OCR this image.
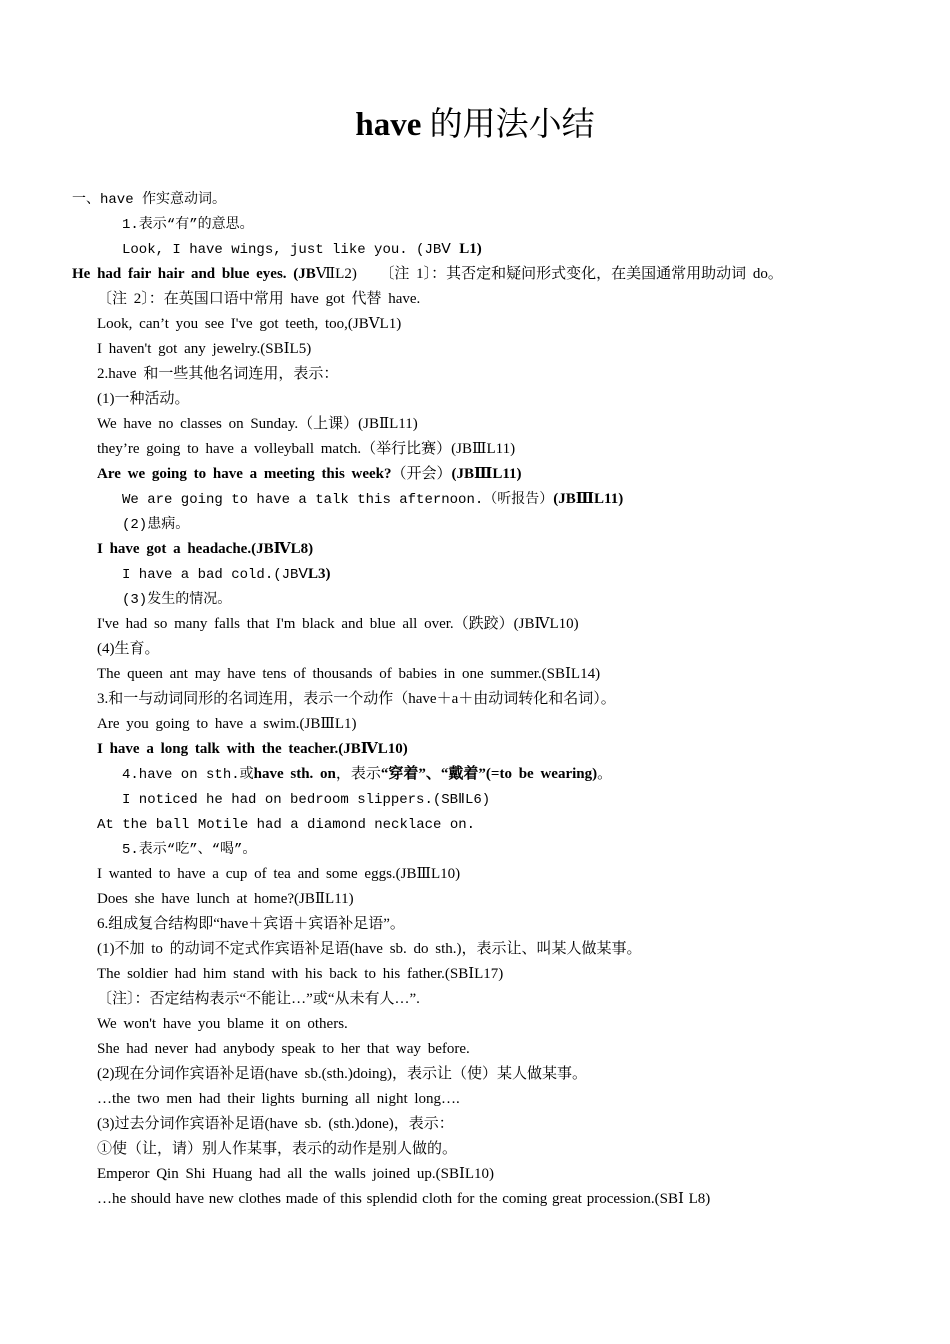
have 的用法小结
一、have 作实意动词。
1.表示“有”的意思。
Look, I have wings, just like you. (JBⅤ L1)
He had fair hair and blue eyes. (JBⅦL2)　　〔注 1〕：其否定和疑问形式变化，在美国通常用助动词 do。
〔注 2〕：在英国口语中常用 have got 代替 have.
Look, can’t you see I've got teeth, too,(JBⅤL1)
I haven't got any jewelry.(SBⅠL5)
2.have 和一些其他名词连用，表示：
(1)一种活动。
We have no classes on Sunday.（上课）(JBⅡL11)
they’re going to have a volleyball match.（举行比赛）(JBⅢL11)
Are we going to have a meeting this week?（开会）(JBⅢL11)
We are going to have a talk this afternoon.（听报告）(JBⅢL11)
(2)患病。
I have got a headache.(JBⅣL8)
I have a bad cold.(JBⅤL3)
(3)发生的情况。
I've had so many falls that I'm black and blue all over.（跌跤）(JBⅣL10)
(4)生育。
The queen ant may have tens of thousands of babies in one summer.(SBⅠL14)
3.和一与动词同形的名词连用，表示一个动作（have＋a＋由动词转化和名词）。
Are you going to have a swim.(JBⅢL1)
I have a long talk with the teacher.(JBⅣL10)
4.have on sth.或have sth. on，表示“穿着”、“戴着”(=to be wearing)。
I noticed he had on bedroom slippers.(SBⅡL6)
At the ball Motile had a diamond necklace on.
5.表示“吃”、“喝”。
I wanted to have a cup of tea and some eggs.(JBⅢL10)
Does she have lunch at home?(JBⅡL11)
6.组成复合结构即“have＋宾语＋宾语补足语”。
(1)不加 to 的动词不定式作宾语补足语(have sb. do sth.)，表示让、叫某人做某事。
The soldier had him stand with his back to his father.(SBⅠL17)
〔注〕：否定结构表示“不能让…”或“从未有人…”.
We won't have you blame it on others.
She had never had anybody speak to her that way before.
(2)现在分词作宾语补足语(have sb.(sth.)doing)，表示让（使）某人做某事。
…the two men had their lights burning all night long….
(3)过去分词作宾语补足语(have sb. (sth.)done)，表示：
①使（让，请）别人作某事，表示的动作是别人做的。
Emperor Qin Shi Huang had all the walls joined up.(SBⅠL10)
…he should have new clothes made of this splendid cloth for the coming great procession.(SBⅠ L8)
